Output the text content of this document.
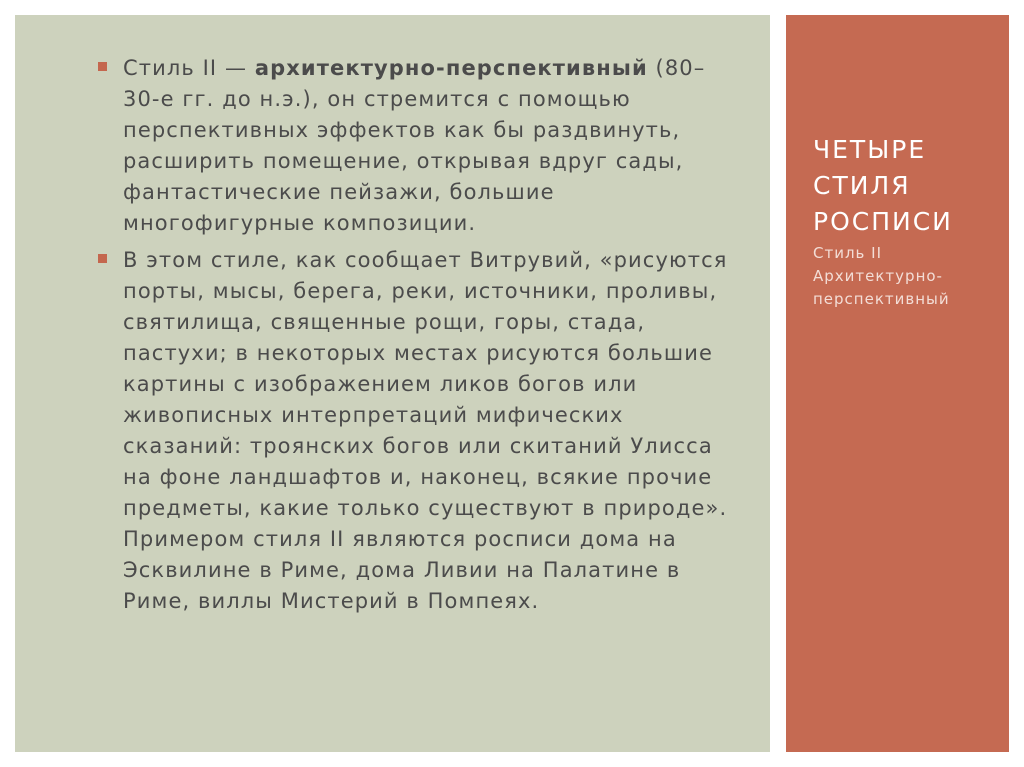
Стиль II — архитектурно-перспективный (80–30-е гг. до н.э.), он стремится с помощью перспективных эффектов как бы раздвинуть, расширить помещение, открывая вдруг сады, фантастические пейзажи, большие многофигурные композиции.
В этом стиле, как сообщает Витрувий, «рисуются порты, мысы, берега, реки, источники, проливы, святилища, священные рощи, горы, стада, пастухи; в некоторых местах рисуются большие картины с изображением ликов богов или живописных интерпретаций мифических сказаний: троянских богов или скитаний Улисса на фоне ландшафтов и, наконец, всякие прочие предметы, какие только существуют в природе». Примером стиля II являются росписи дома на Эсквилине в Риме, дома Ливии на Палатине в Риме, виллы Мистерий в Помпеях.
ЧЕТЫРЕ СТИЛЯ РОСПИСИ
Стиль II
Архитектурно-перспективный
